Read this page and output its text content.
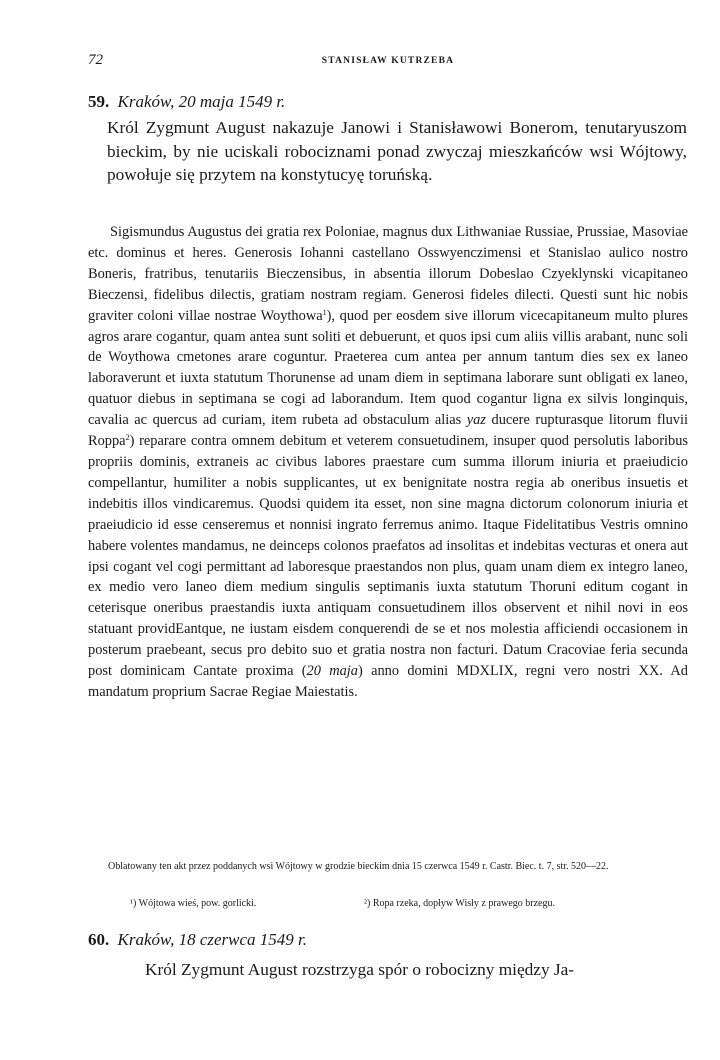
72	STANISŁAW KUTRZEBA
59. Kraków, 20 maja 1549 r.
Król Zygmunt August nakazuje Janowi i Stanisławowi Bonerom, tenutaryuszom bieckim, by nie uciskali robociznami ponad zwyczaj mieszkańców wsi Wójtowy, powołuje się przytem na konstytucyę toruńską.
Sigismundus Augustus dei gratia rex Poloniae, magnus dux Lithwaniae Russiae, Prussiae, Masoviae etc. dominus et heres. Generosis Iohanni castellano Osswyenczimensi et Stanislao aulico nostro Boneris, fratribus, tenutariis Bieczensibus, in absentia illorum Dobeslao Czyeklynski vicapitaneo Bieczensi, fidelibus dilectis, gratiam nostram regiam. Generosi fideles dilecti. Questi sunt hic nobis graviter coloni villae nostrae Woythowa$^1$), quod per eosdem sive illorum vicecapitaneum multo plures agros arare cogantur, quam antea sunt soliti et debuerunt, et quos ipsi cum aliis villis arabant, nunc soli de Woythowa cmetones arare coguntur. Praeterea cum antea per annum tantum dies sex ex laneo laboraverunt et iuxta statutum Thorunense ad unam diem in septimana laborare sunt obligati ex laneo, quatuor diebus in septimana se cogi ad laborandum. Item quod cogantur ligna ex silvis longinquis, cavalia ac quercus ad curiam, item rubeta ad obstaculum alias yaz ducere rupturasque litorum fluvii Roppa$^2$) reparare contra omnem debitum et veterem consuetudinem, insuper quod persolutis laboribus propriis dominis, extraneis ac civibus labores praestare cum summa illorum iniuria et praeiudicio compellantur, humiliter a nobis supplicantes, ut ex benignitate nostra regia ab oneribus insuetis et indebitis illos vindicaremus. Quodsi quidem ita esset, non sine magna dictorum colonorum iniuria et praeiudicio id esse censeremus et nonnisi ingrato ferremus animo. Itaque Fidelitatibus Vestris omnino habere volentes mandamus, ne deinceps colonos praefatos ad insolitas et indebitas vecturas et onera aut ipsi cogant vel cogi permittant ad laboresque praestandos non plus, quam unam diem ex integro laneo, ex medio vero laneo diem medium singulis septimanis iuxta statutum Thoruni editum cogant in ceterisque oneribus praestandis iuxta antiquam consuetudinem illos observent et nihil novi in eos statuant providEantque, ne iustam eisdem conquerendi de se et nos molestia afficiendi occasionem in posterum praebeant, secus pro debito suo et gratia nostra non facturi. Datum Cracoviae feria secunda post dominicam Cantate proxima (20 maja) anno domini MDXLIX, regni vero nostri XX. Ad mandatum proprium Sacrae Regiae Maiestatis.
Oblatowany ten akt przez poddanych wsi Wójtowy w grodzie bieckim dnia 15 czerwca 1549 r. Castr. Biec. t. 7, str. 520—22.
¹) Wójtowa wieś, pow. gorlicki.	²) Ropa rzeka, dopływ Wisły z prawego brzegu.
60. Kraków, 18 czerwca 1549 r.
Król Zygmunt August rozstrzyga spór o robocizny między Ja-
